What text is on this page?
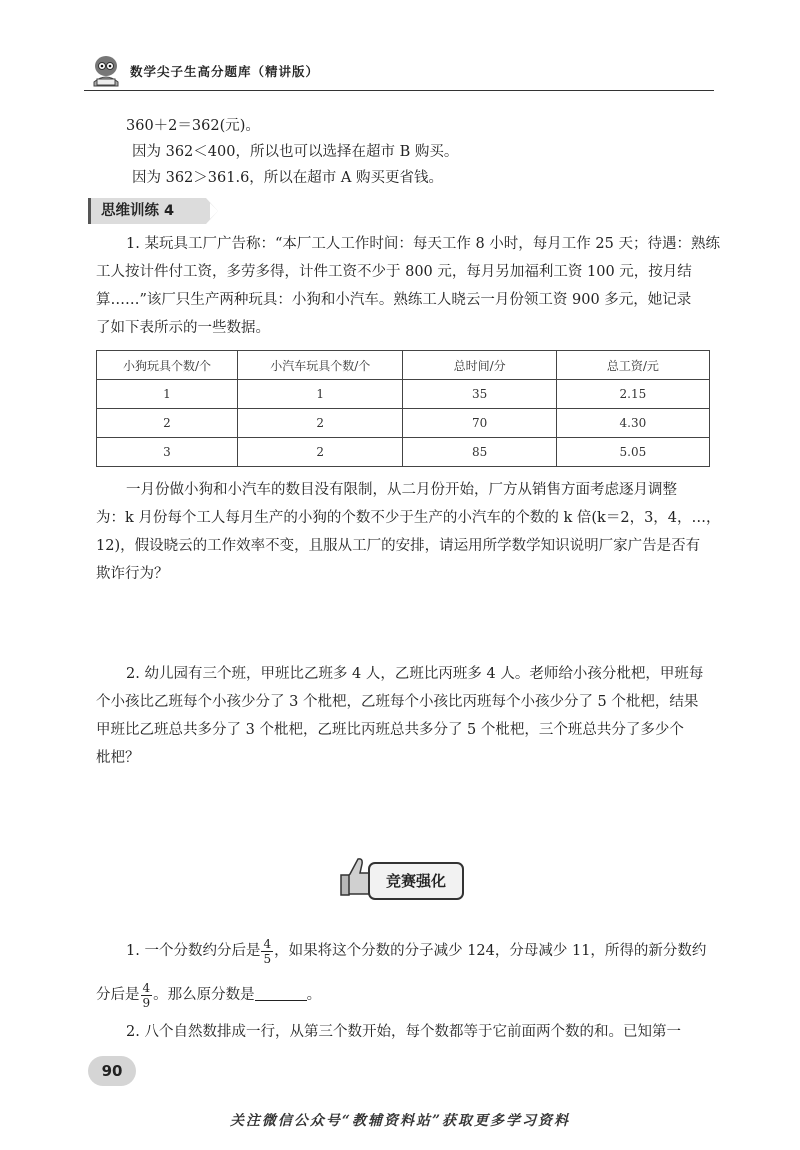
数学尖子生高分题库（精讲版）
360＋2＝362(元)。
因为 362＜400，所以也可以选择在超市 B 购买。
因为 362＞361.6，所以在超市 A 购买更省钱。
思维训练 4
1. 某玩具工厂广告称：“本厂工人工作时间：每天工作 8 小时，每月工作 25 天；待遇：熟练
工人按计件付工资，多劳多得，计件工资不少于 800 元，每月另加福利工资 100 元，按月结
算……”该厂只生产两种玩具：小狗和小汽车。熟练工人晓云一月份领工资 900 多元，她记录
了如下表所示的一些数据。
小狗玩具个数/个	小汽车玩具个数/个	总时间/分	总工资/元
1	1	35	2.15
2	2	70	4.30
3	2	85	5.05
一月份做小狗和小汽车的数目没有限制，从二月份开始，厂方从销售方面考虑逐月调整
为：k 月份每个工人每月生产的小狗的个数不少于生产的小汽车的个数的 k 倍(k＝2，3，4，…，
12)，假设晓云的工作效率不变，且服从工厂的安排，请运用所学数学知识说明厂家广告是否有
欺诈行为？
2. 幼儿园有三个班，甲班比乙班多 4 人，乙班比丙班多 4 人。老师给小孩分枇杷，甲班每
个小孩比乙班每个小孩少分了 3 个枇杷，乙班每个小孩比丙班每个小孩少分了 5 个枇杷，结果
甲班比乙班总共多分了 3 个枇杷，乙班比丙班总共多分了 5 个枇杷，三个班总共分了多少个
枇杷？
竞赛强化
1. 一个分数约分后是 $\frac{4}{5}$ ，如果将这个分数的分子减少 124，分母减少 11，所得的新分数约
分后是 $\frac{4}{9}$ 。那么原分数是	。
2. 八个自然数排成一行，从第三个数开始，每个数都等于它前面两个数的和。已知第一
90
关注微信公众号“教辅资料站”获取更多学习资料
